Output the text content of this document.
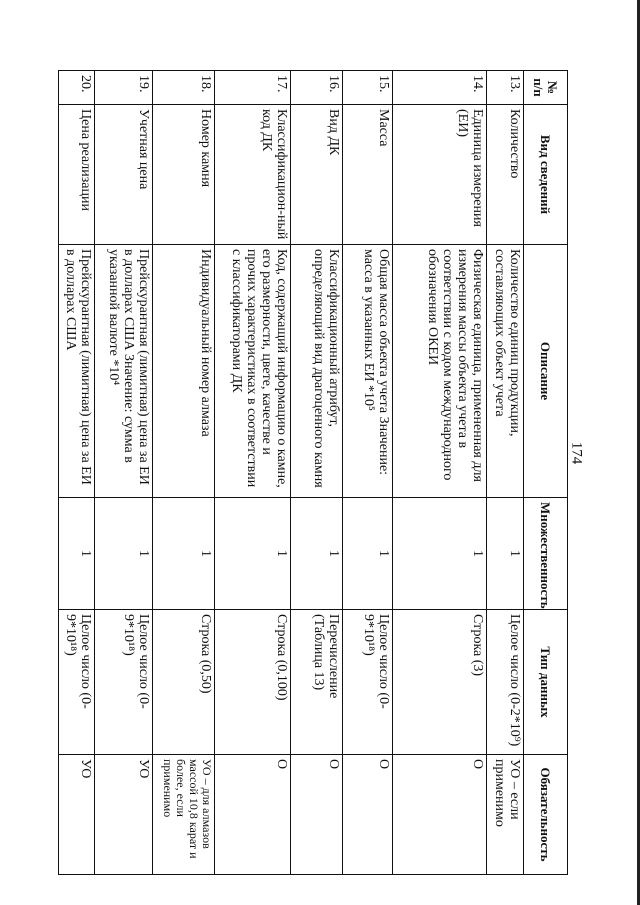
174
№ п/п	Вид сведений	Описание	Множественность	Тип данных	Обязательность
13.	Количество	Количество единиц продукции, составляющих объект учета	1	Целое число (0-2*10⁹)	УО – если применимо
14.	Единица измерения (ЕИ)	Физическая единица, примененная для измерения массы объекта учета в соответствии с кодом международного обозначения ОКЕИ	1	Строка (3)	О
15.	Масса	Общая масса объекта учета Значение: масса в указанных ЕИ *10⁵	1	Целое число (0-9*10¹⁸)	О
16.	Вид ДК	Классификационный атрибут, определяющий вид драгоценного камня	1	Перечисление (Таблица 13)	О
17.	Классификацион-ный код ДК	Код, содержащий информацию о камне, его размерности, цвете, качестве и прочих характеристиках в соответствии с классификаторами ДК	1	Строка (0,100)	О
18.	Номер камня	Индивидуальный номер алмаза	1	Строка (0,50)	УО – для алмазов массой 10,8 карат и более, если применимо
19.	Учетная цена	Прейскурантная (лимитная) цена за ЕИ в долларах США Значение: сумма в указанной валюте *10⁴	1	Целое число (0-9*10¹⁸)	УО
20.	Цена реализации	Прейскурантная (лимитная) цена за ЕИ в долларах США	1	Целое число (0-9*10¹⁸)	УО
